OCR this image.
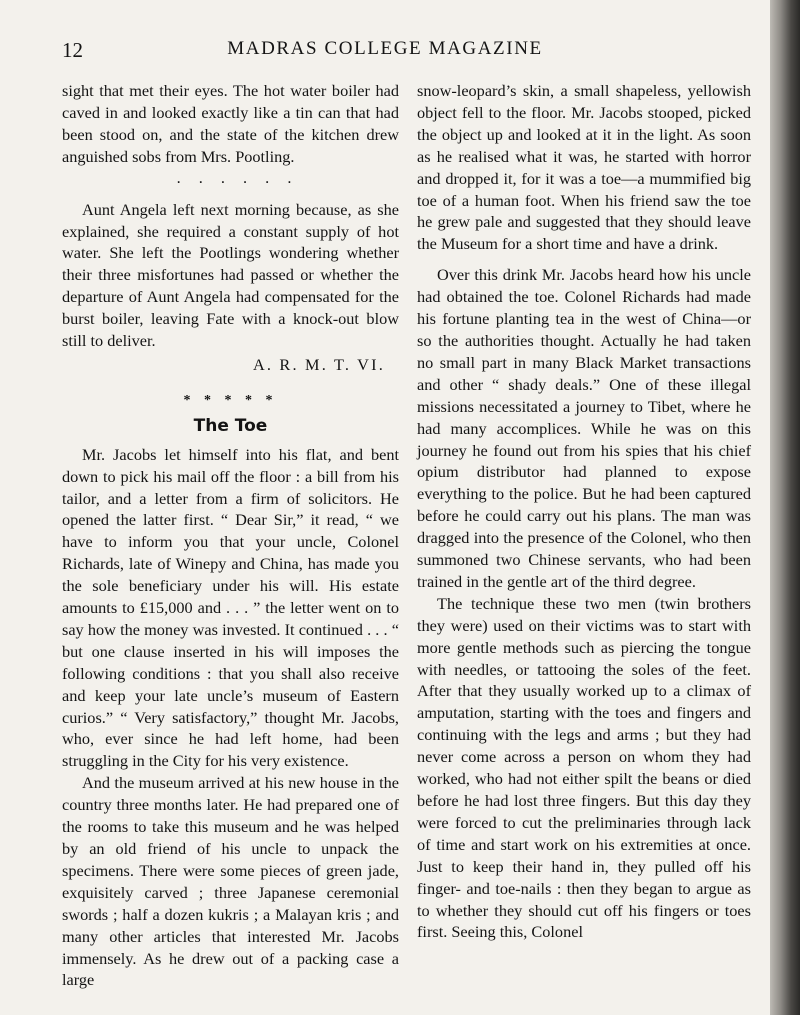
12	MADRAS COLLEGE MAGAZINE

sight that met their eyes. The hot water boiler had caved in and looked exactly like a tin can that had been stood on, and the state of the kitchen drew anguished sobs from Mrs. Pootling.

. . . . . .

Aunt Angela left next morning because, as she explained, she required a constant supply of hot water. She left the Pootlings wondering whether their three misfortunes had passed or whether the departure of Aunt Angela had compensated for the burst boiler, leaving Fate with a knock-out blow still to deliver.

A. R. M. T. VI.
* * * * *
The Toe

Mr. Jacobs let himself into his flat, and bent down to pick his mail off the floor : a bill from his tailor, and a letter from a firm of solicitors. He opened the latter first. “ Dear Sir,” it read, “ we have to inform you that your uncle, Colonel Richards, late of Winepy and China, has made you the sole beneficiary under his will. His estate amounts to £15,000 and . . . ” the letter went on to say how the money was invested. It continued . . . “ but one clause inserted in his will imposes the following conditions : that you shall also receive and keep your late uncle’s museum of Eastern curios.” “ Very satisfactory,” thought Mr. Jacobs, who, ever since he had left home, had been struggling in the City for his very existence.

And the museum arrived at his new house in the country three months later. He had prepared one of the rooms to take this museum and he was helped by an old friend of his uncle to unpack the specimens. There were some pieces of green jade, exquisitely carved ; three Japanese ceremonial swords ; half a dozen kukris ; a Malayan kris ; and many other articles that interested Mr. Jacobs immensely. As he drew out of a packing case a large

snow-leopard’s skin, a small shapeless, yellowish object fell to the floor. Mr. Jacobs stooped, picked the object up and looked at it in the light. As soon as he realised what it was, he started with horror and dropped it, for it was a toe—a mummified big toe of a human foot. When his friend saw the toe he grew pale and suggested that they should leave the Museum for a short time and have a drink.

Over this drink Mr. Jacobs heard how his uncle had obtained the toe. Colonel Richards had made his fortune planting tea in the west of China—or so the authorities thought. Actually he had taken no small part in many Black Market transactions and other “ shady deals.” One of these illegal missions necessitated a journey to Tibet, where he had many accomplices. While he was on this journey he found out from his spies that his chief opium distributor had planned to expose everything to the police. But he had been captured before he could carry out his plans. The man was dragged into the presence of the Colonel, who then summoned two Chinese servants, who had been trained in the gentle art of the third degree.

The technique these two men (twin brothers they were) used on their victims was to start with more gentle methods such as piercing the tongue with needles, or tattooing the soles of the feet. After that they usually worked up to a climax of amputation, starting with the toes and fingers and continuing with the legs and arms ; but they had never come across a person on whom they had worked, who had not either spilt the beans or died before he had lost three fingers. But this day they were forced to cut the preliminaries through lack of time and start work on his extremities at once. Just to keep their hand in, they pulled off his finger- and toe-nails : then they began to argue as to whether they should cut off his fingers or toes first. Seeing this, Colonel
